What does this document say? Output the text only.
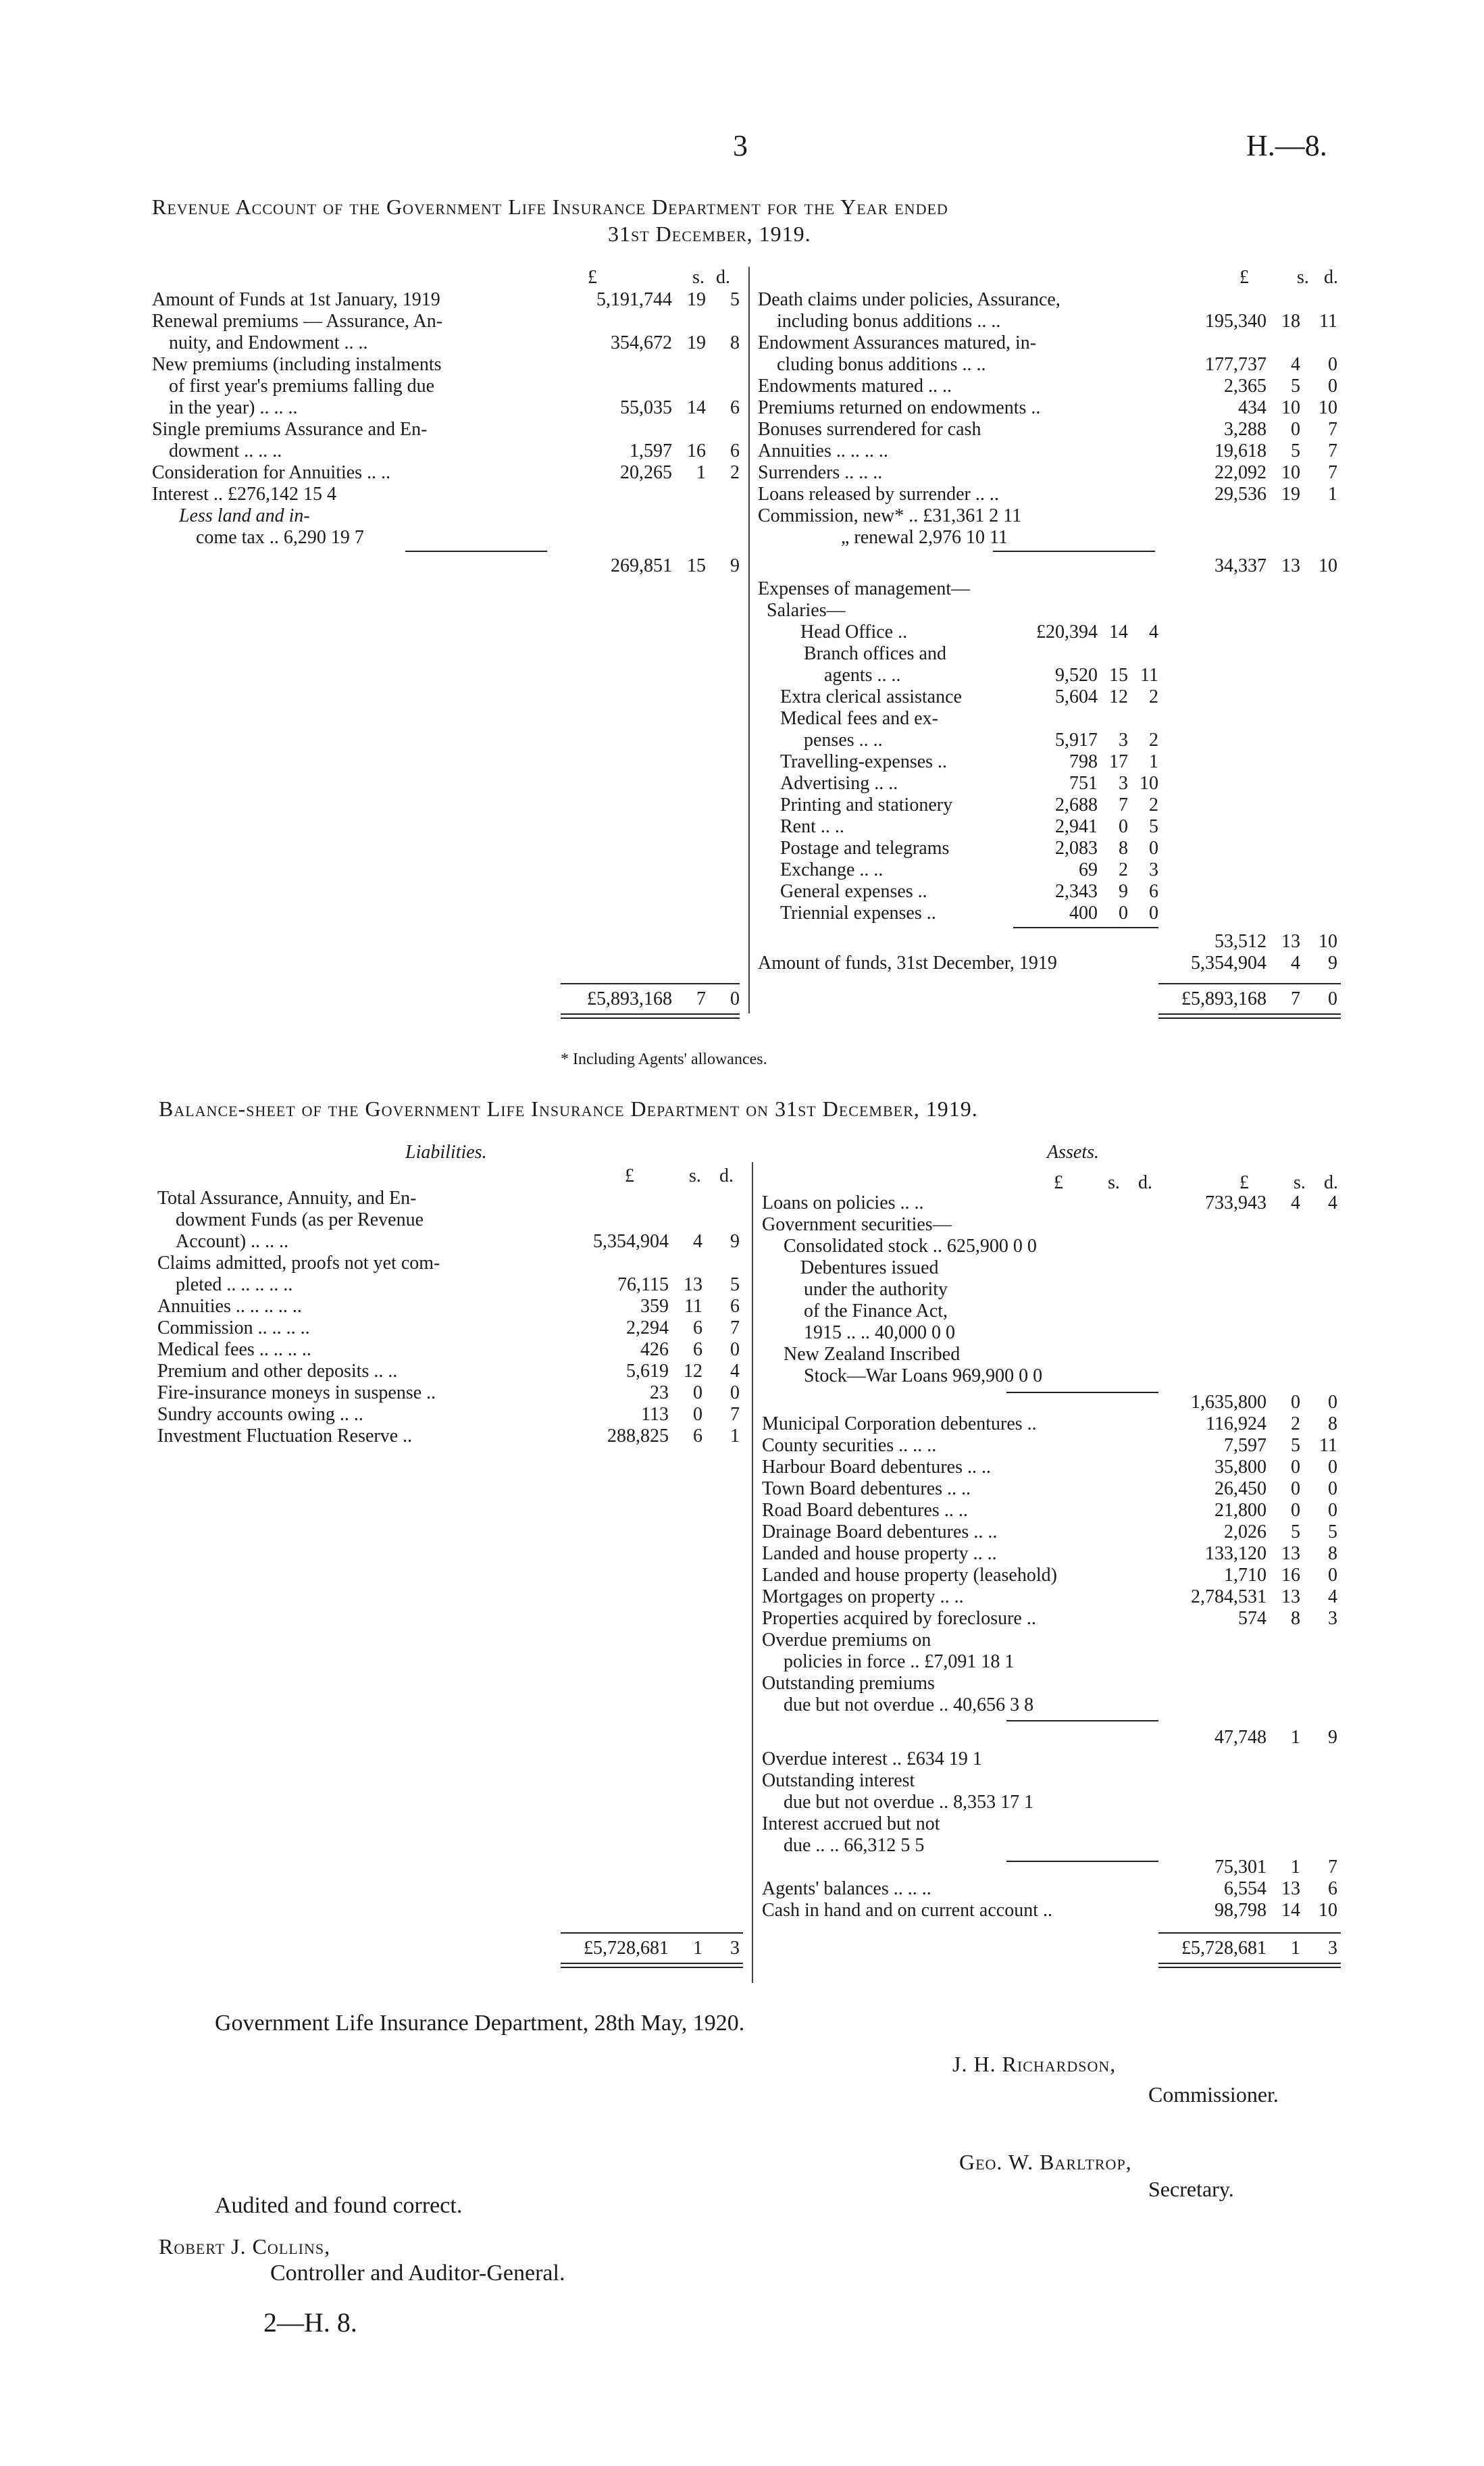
3	H.—8.
Revenue Account of the Government Life Insurance Department for the Year ended
31st December, 1919.
£	s. d.	£	s. d.
Amount of Funds at 1st January, 1919	5,191,744 19	5
Renewal premiums — Assurance, An-
nuity, and Endowment .. ..	354,672 19	8
New premiums (including instalments
of first year's premiums falling due
in the year) .. .. ..	55,035 14	6
Single premiums Assurance and En-
dowment .. .. ..	1,597 16	6
Consideration for Annuities .. ..	20,265	1	2
Interest .. £276,142 15 4
Less land and in-
come tax .. 6,290 19 7
269,851 15	9
£5,893,168	7	0
Death claims under policies, Assurance,
including bonus additions .. ..	195,340 18	11
Endowment Assurances matured, in-
cluding bonus additions .. ..	177,737	4	0
Endowments matured .. ..	2,365	5	0
Premiums returned on endowments ..	434 10 10
Bonuses surrendered for cash	3,288	0	7
Annuities .. .. .. ..	19,618	5	7
Surrenders .. .. ..	22,092 10	7
Loans released by surrender .. ..	29,536 19	1
Commission, new* .. £31,361 2 11
„ renewal 2,976 10 11
34,337 13 10
Expenses of management—
Salaries—
Head Office ..	£20,394 14	4
Branch offices and
agents .. ..	9,520 15 11
Extra clerical assistance	5,604 12	2
Medical fees and ex-
penses .. ..	5,917	3	2
Travelling-expenses ..	798 17	1
Advertising .. ..	751	3 10
Printing and stationery	2,688	7	2
Rent .. ..	2,941	0	5
Postage and telegrams	2,083	8	0
Exchange .. ..	69	2	3
General expenses ..	2,343	9	6
Triennial expenses ..	400	0	0
53,512 13 10
Amount of funds, 31st December, 1919	5,354,904	4	9
£5,893,168	7	0
* Including Agents' allowances.
Balance-sheet of the Government Life Insurance Department on 31st December, 1919.
Liabilities.	Assets.
£	s. d.	£ s. d.	£ s. d.
Total Assurance, Annuity, and En-
dowment Funds (as per Revenue
Account) .. .. ..	5,354,904	4	9
Claims admitted, proofs not yet com-
pleted .. .. .. .. ..	76,115 13	5
Annuities .. .. .. .. ..	359 11	6
Commission .. .. .. ..	2,294	6	7
Medical fees .. .. .. ..	426	6	0
Premium and other deposits .. ..	5,619 12	4
Fire-insurance moneys in suspense ..	23	0	0
Sundry accounts owing .. ..	113	0	7
Investment Fluctuation Reserve ..	288,825	6	1
£5,728,681	1	3
Loans on policies .. ..	733,943	4	4
Government securities—
Consolidated stock .. 625,900 0 0
Debentures issued
under the authority
of the Finance Act,
1915 .. .. 40,000 0 0
New Zealand Inscribed
Stock—War Loans 969,900 0 0
1,635,800	0	0
Municipal Corporation debentures ..	116,924	2	8
County securities .. .. ..	7,597	5	11
Harbour Board debentures .. ..	35,800	0	0
Town Board debentures .. ..	26,450	0	0
Road Board debentures .. ..	21,800	0	0
Drainage Board debentures .. ..	2,026	5	5
Landed and house property .. ..	133,120 13	8
Landed and house property (leasehold)	1,710 16	0
Mortgages on property .. ..	2,784,531 13	4
Properties acquired by foreclosure ..	574	8	3
Overdue premiums on
policies in force .. £7,091 18 1
Outstanding premiums
due but not overdue .. 40,656 3 8
47,748	1	9
Overdue interest .. £634 19 1
Outstanding interest
due but not overdue .. 8,353 17 1
Interest accrued but not
due .. .. 66,312 5 5
75,301	1	7
Agents' balances .. .. ..	6,554 13	6
Cash in hand and on current account ..	98,798 14 10
£5,728,681	1	3
Government Life Insurance Department, 28th May, 1920.
J. H. Richardson,
Commissioner.
Geo. W. Barltrop,
Secretary.
Audited and found correct.
Robert J. Collins,
Controller and Auditor-General.
2—H. 8.
